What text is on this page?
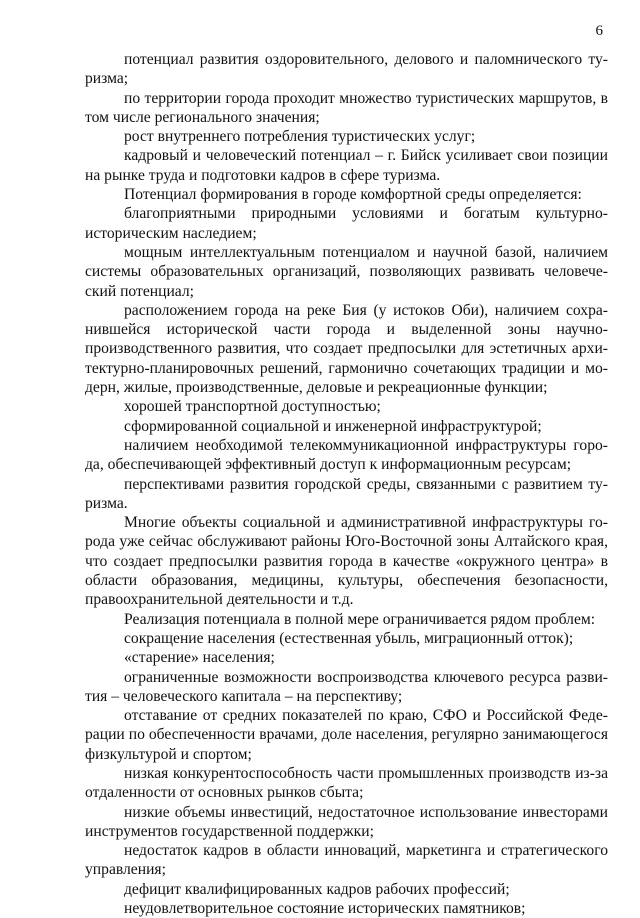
6

потенциал развития оздоровительного, делового и паломнического туризма;

по территории города проходит множество туристических маршрутов, в том числе регионального значения;

рост внутреннего потребления туристических услуг;

кадровый и человеческий потенциал – г. Бийск усиливает свои позиции на рынке труда и подготовки кадров в сфере туризма.

Потенциал формирования в городе комфортной среды определяется:

благоприятными природными условиями и богатым культурно-историческим наследием;

мощным интеллектуальным потенциалом и научной базой, наличием системы образовательных организаций, позволяющих развивать человеческий потенциал;

расположением города на реке Бия (у истоков Оби), наличием сохранившейся исторической части города и выделенной зоны научно-производственного развития, что создает предпосылки для эстетичных архитектурно-планировочных решений, гармонично сочетающих традиции и модерн, жилые, производственные, деловые и рекреационные функции;

хорошей транспортной доступностью;

сформированной социальной и инженерной инфраструктурой;

наличием необходимой телекоммуникационной инфраструктуры города, обеспечивающей эффективный доступ к информационным ресурсам;

перспективами развития городской среды, связанными с развитием туризма.

Многие объекты социальной и административной инфраструктуры города уже сейчас обслуживают районы Юго-Восточной зоны Алтайского края, что создает предпосылки развития города в качестве «окружного центра» в области образования, медицины, культуры, обеспечения безопасности, правоохранительной деятельности и т.д.

Реализация потенциала в полной мере ограничивается рядом проблем:

сокращение населения (естественная убыль, миграционный отток);

«старение» населения;

ограниченные возможности воспроизводства ключевого ресурса развития – человеческого капитала – на перспективу;

отставание от средних показателей по краю, СФО и Российской Федерации по обеспеченности врачами, доле населения, регулярно занимающегося физкультурой и спортом;

низкая конкурентоспособность части промышленных производств из-за отдаленности от основных рынков сбыта;

низкие объемы инвестиций, недостаточное использование инвесторами инструментов государственной поддержки;

недостаток кадров в области инноваций, маркетинга и стратегического управления;

дефицит квалифицированных кадров рабочих профессий;

неудовлетворительное состояние исторических памятников;
